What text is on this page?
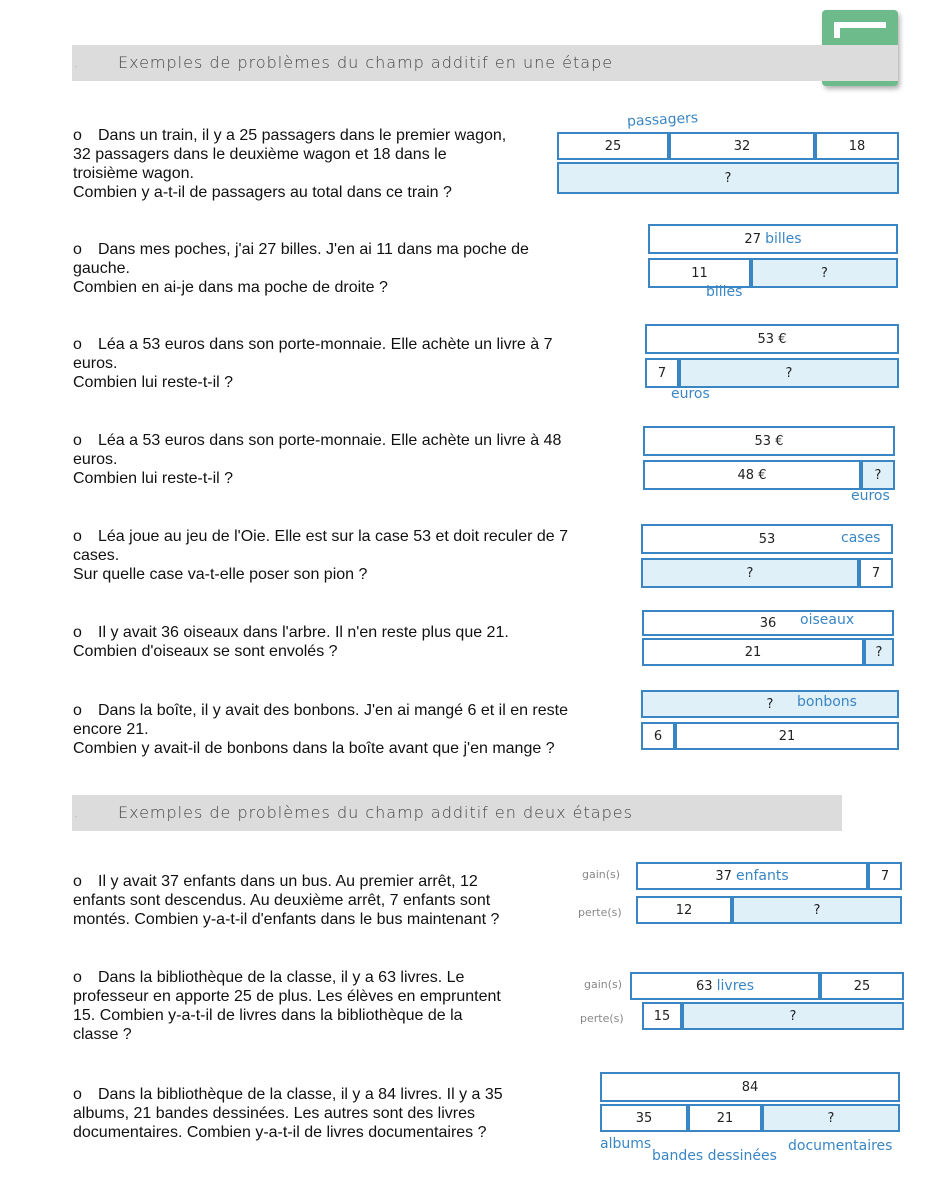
. Exemples de problèmes du champ additif en une étape
o Dans un train, il y a 25 passagers dans le premier wagon,
32 passagers dans le deuxième wagon et 18 dans le
troisième wagon.
Combien y a-t-il de passagers au total dans ce train ?
passagers
25	32	18
?
o Dans mes poches, j'ai 27 billes. J'en ai 11 dans ma poche de
gauche.
Combien en ai-je dans ma poche de droite ?
27
billes
11	?
billes
o Léa a 53 euros dans son porte-monnaie. Elle achète un livre à 7
euros.
Combien lui reste-t-il ?
53 €
7	?
euros
o Léa a 53 euros dans son porte-monnaie. Elle achète un livre à 48
euros.
Combien lui reste-t-il ?
53 €
48 €	?
euros
o Léa joue au jeu de l'Oie. Elle est sur la case 53 et doit reculer de 7
cases.
Sur quelle case va-t-elle poser son pion ?
53	cases
?	7
o Il y avait 36 oiseaux dans l'arbre. Il n'en reste plus que 21.
Combien d'oiseaux se sont envolés ?
36 oiseaux
21	?
o Dans la boîte, il y avait des bonbons. J'en ai mangé 6 et il en reste
encore 21.
Combien y avait-il de bonbons dans la boîte avant que j'en mange ?
? bonbons
6	21
. Exemples de problèmes du champ additif en deux étapes
o Il y avait 37 enfants dans un bus. Au premier arrêt, 12
enfants sont descendus. Au deuxième arrêt, 7 enfants sont
montés. Combien y-a-t-il d'enfants dans le bus maintenant ?
gain(s)
perte(s)
37
enfants	7
12	?
o Dans la bibliothèque de la classe, il y a 63 livres. Le
professeur en apporte 25 de plus. Les élèves en empruntent
15. Combien y-a-t-il de livres dans la bibliothèque de la
classe ?
gain(s)
perte(s)
63
livres	25
15	?
o Dans la bibliothèque de la classe, il y a 84 livres. Il y a 35
albums, 21 bandes dessinées. Les autres sont des livres
documentaires. Combien y-a-t-il de livres documentaires ?
84
35	21	?
albums
bandes dessinées
documentaires
